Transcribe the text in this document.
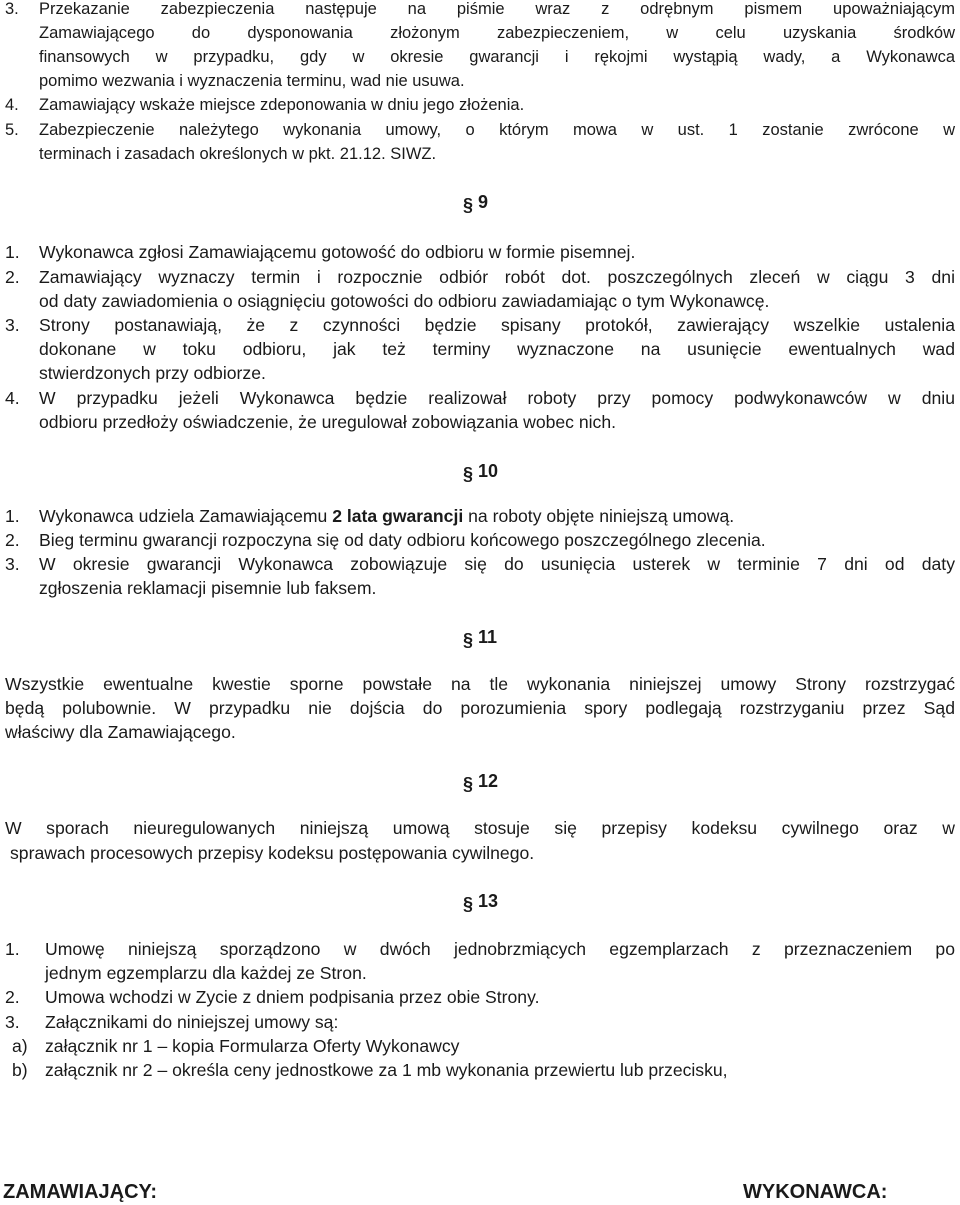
3. Przekazanie zabezpieczenia następuje na piśmie wraz z odrębnym pismem upoważniającym
Zamawiającego do dysponowania złożonym zabezpieczeniem, w celu uzyskania środków
finansowych w przypadku, gdy w okresie gwarancji i rękojmi wystąpią wady, a Wykonawca
pomimo wezwania i wyznaczenia terminu, wad nie usuwa.
4. Zamawiający wskaże miejsce zdeponowania w dniu jego złożenia.
5. Zabezpieczenie należytego wykonania umowy, o którym mowa w ust. 1 zostanie zwrócone w
terminach i zasadach określonych w pkt. 21.12. SIWZ.
§ 9
1. Wykonawca zgłosi Zamawiającemu gotowość do odbioru w formie pisemnej.
2. Zamawiający wyznaczy termin i rozpocznie odbiór robót dot. poszczególnych zleceń w ciągu 3 dni
od daty zawiadomienia o osiągnięciu gotowości do odbioru zawiadamiając o tym Wykonawcę.
3. Strony postanawiają, że z czynności będzie spisany protokół, zawierający wszelkie ustalenia
dokonane w toku odbioru, jak też terminy wyznaczone na usunięcie ewentualnych wad
stwierdzonych przy odbiorze.
4. W przypadku jeżeli Wykonawca będzie realizował roboty przy pomocy podwykonawców w dniu
odbioru przedłoży oświadczenie, że uregulował zobowiązania wobec nich.
§ 10
1. Wykonawca udziela Zamawiającemu 2 lata gwarancji na roboty objęte niniejszą umową.
2. Bieg terminu gwarancji rozpoczyna się od daty odbioru końcowego poszczególnego zlecenia.
3. W okresie gwarancji Wykonawca zobowiązuje się do usunięcia usterek w terminie 7 dni od daty
zgłoszenia reklamacji pisemnie lub faksem.
§ 11
Wszystkie ewentualne kwestie sporne powstałe na tle wykonania niniejszej umowy Strony rozstrzygać
będą polubownie. W przypadku nie dojścia do porozumienia spory podlegają rozstrzyganiu przez Sąd
właściwy dla Zamawiającego.
§ 12
W sporach nieuregulowanych niniejszą umową stosuje się przepisy kodeksu cywilnego oraz w
sprawach procesowych przepisy kodeksu postępowania cywilnego.
§ 13
1. Umowę niniejszą sporządzono w dwóch jednobrzmiących egzemplarzach z przeznaczeniem po
jednym egzemplarzu dla każdej ze Stron.
2. Umowa wchodzi w Zycie z dniem podpisania przez obie Strony.
3. Załącznikami do niniejszej umowy są:
a) załącznik nr 1 – kopia Formularza Oferty Wykonawcy
b) załącznik nr 2 – określa ceny jednostkowe za 1 mb wykonania przewiertu lub przecisku,
ZAMAWIAJĄCY:	WYKONAWCA:
